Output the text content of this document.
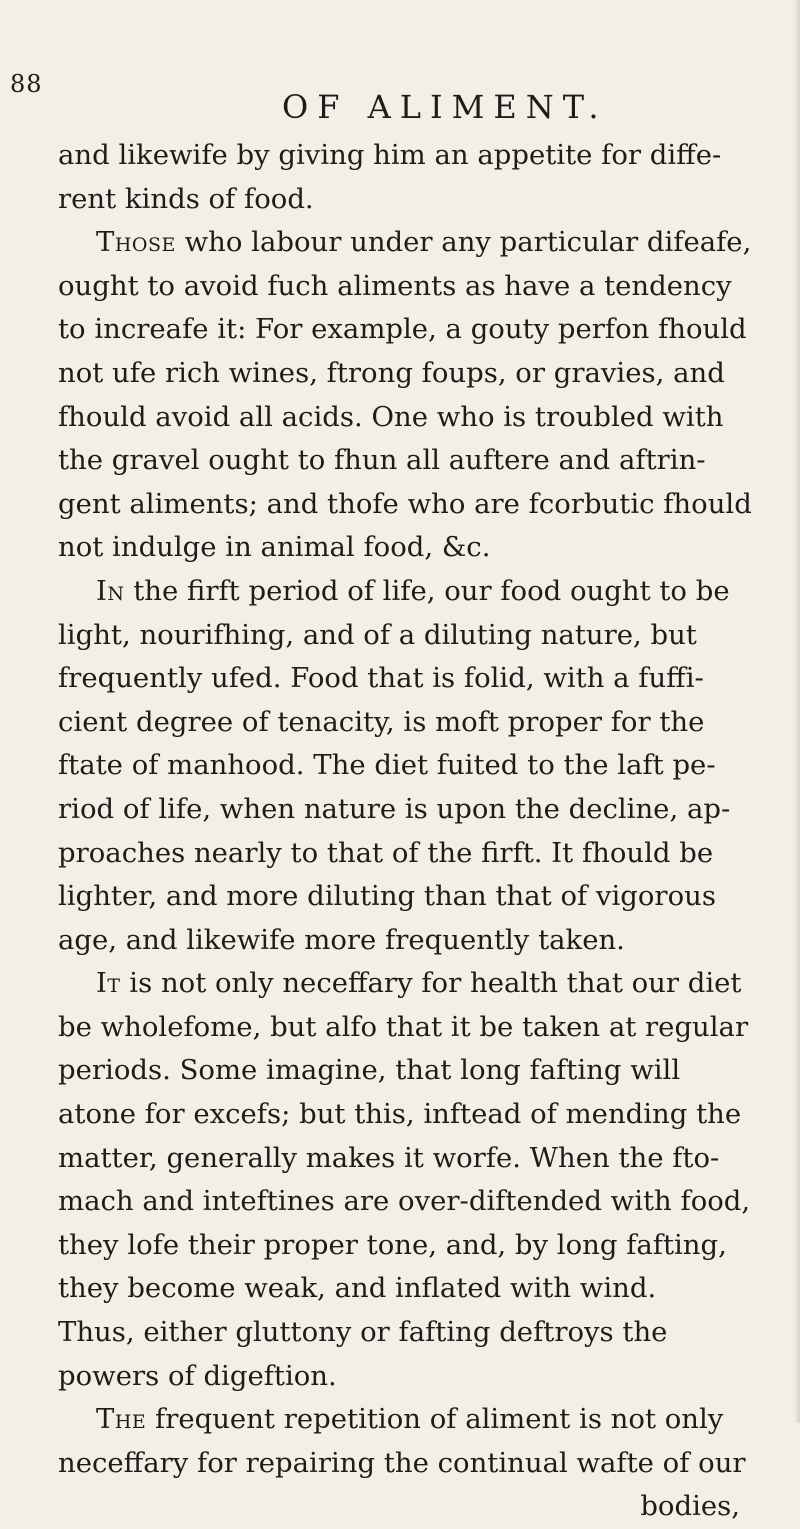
88
OF ALIMENT.
and likewife by giving him an appetite for diffe-
rent kinds of food.
Those who labour under any particular difeafe,
ought to avoid fuch aliments as have a tendency
to increafe it: For example, a gouty perfon fhould
not ufe rich wines, ftrong foups, or gravies, and
fhould avoid all acids. One who is troubled with
the gravel ought to fhun all auftere and aftrin-
gent aliments; and thofe who are fcorbutic fhould
not indulge in animal food, &c.
In the firft period of life, our food ought to be
light, nourifhing, and of a diluting nature, but
frequently ufed. Food that is folid, with a fuffi-
cient degree of tenacity, is moft proper for the
ftate of manhood. The diet fuited to the laft pe-
riod of life, when nature is upon the decline, ap-
proaches nearly to that of the firft. It fhould be
lighter, and more diluting than that of vigorous
age, and likewife more frequently taken.
It is not only neceffary for health that our diet
be wholefome, but alfo that it be taken at regular
periods. Some imagine, that long fafting will
atone for excefs; but this, inftead of mending the
matter, generally makes it worfe. When the fto-
mach and inteftines are over-diftended with food,
they lofe their proper tone, and, by long fafting,
they become weak, and inflated with wind.
Thus, either gluttony or fafting deftroys the
powers of digeftion.
The frequent repetition of aliment is not only
neceffary for repairing the continual wafte of our
bodies,
